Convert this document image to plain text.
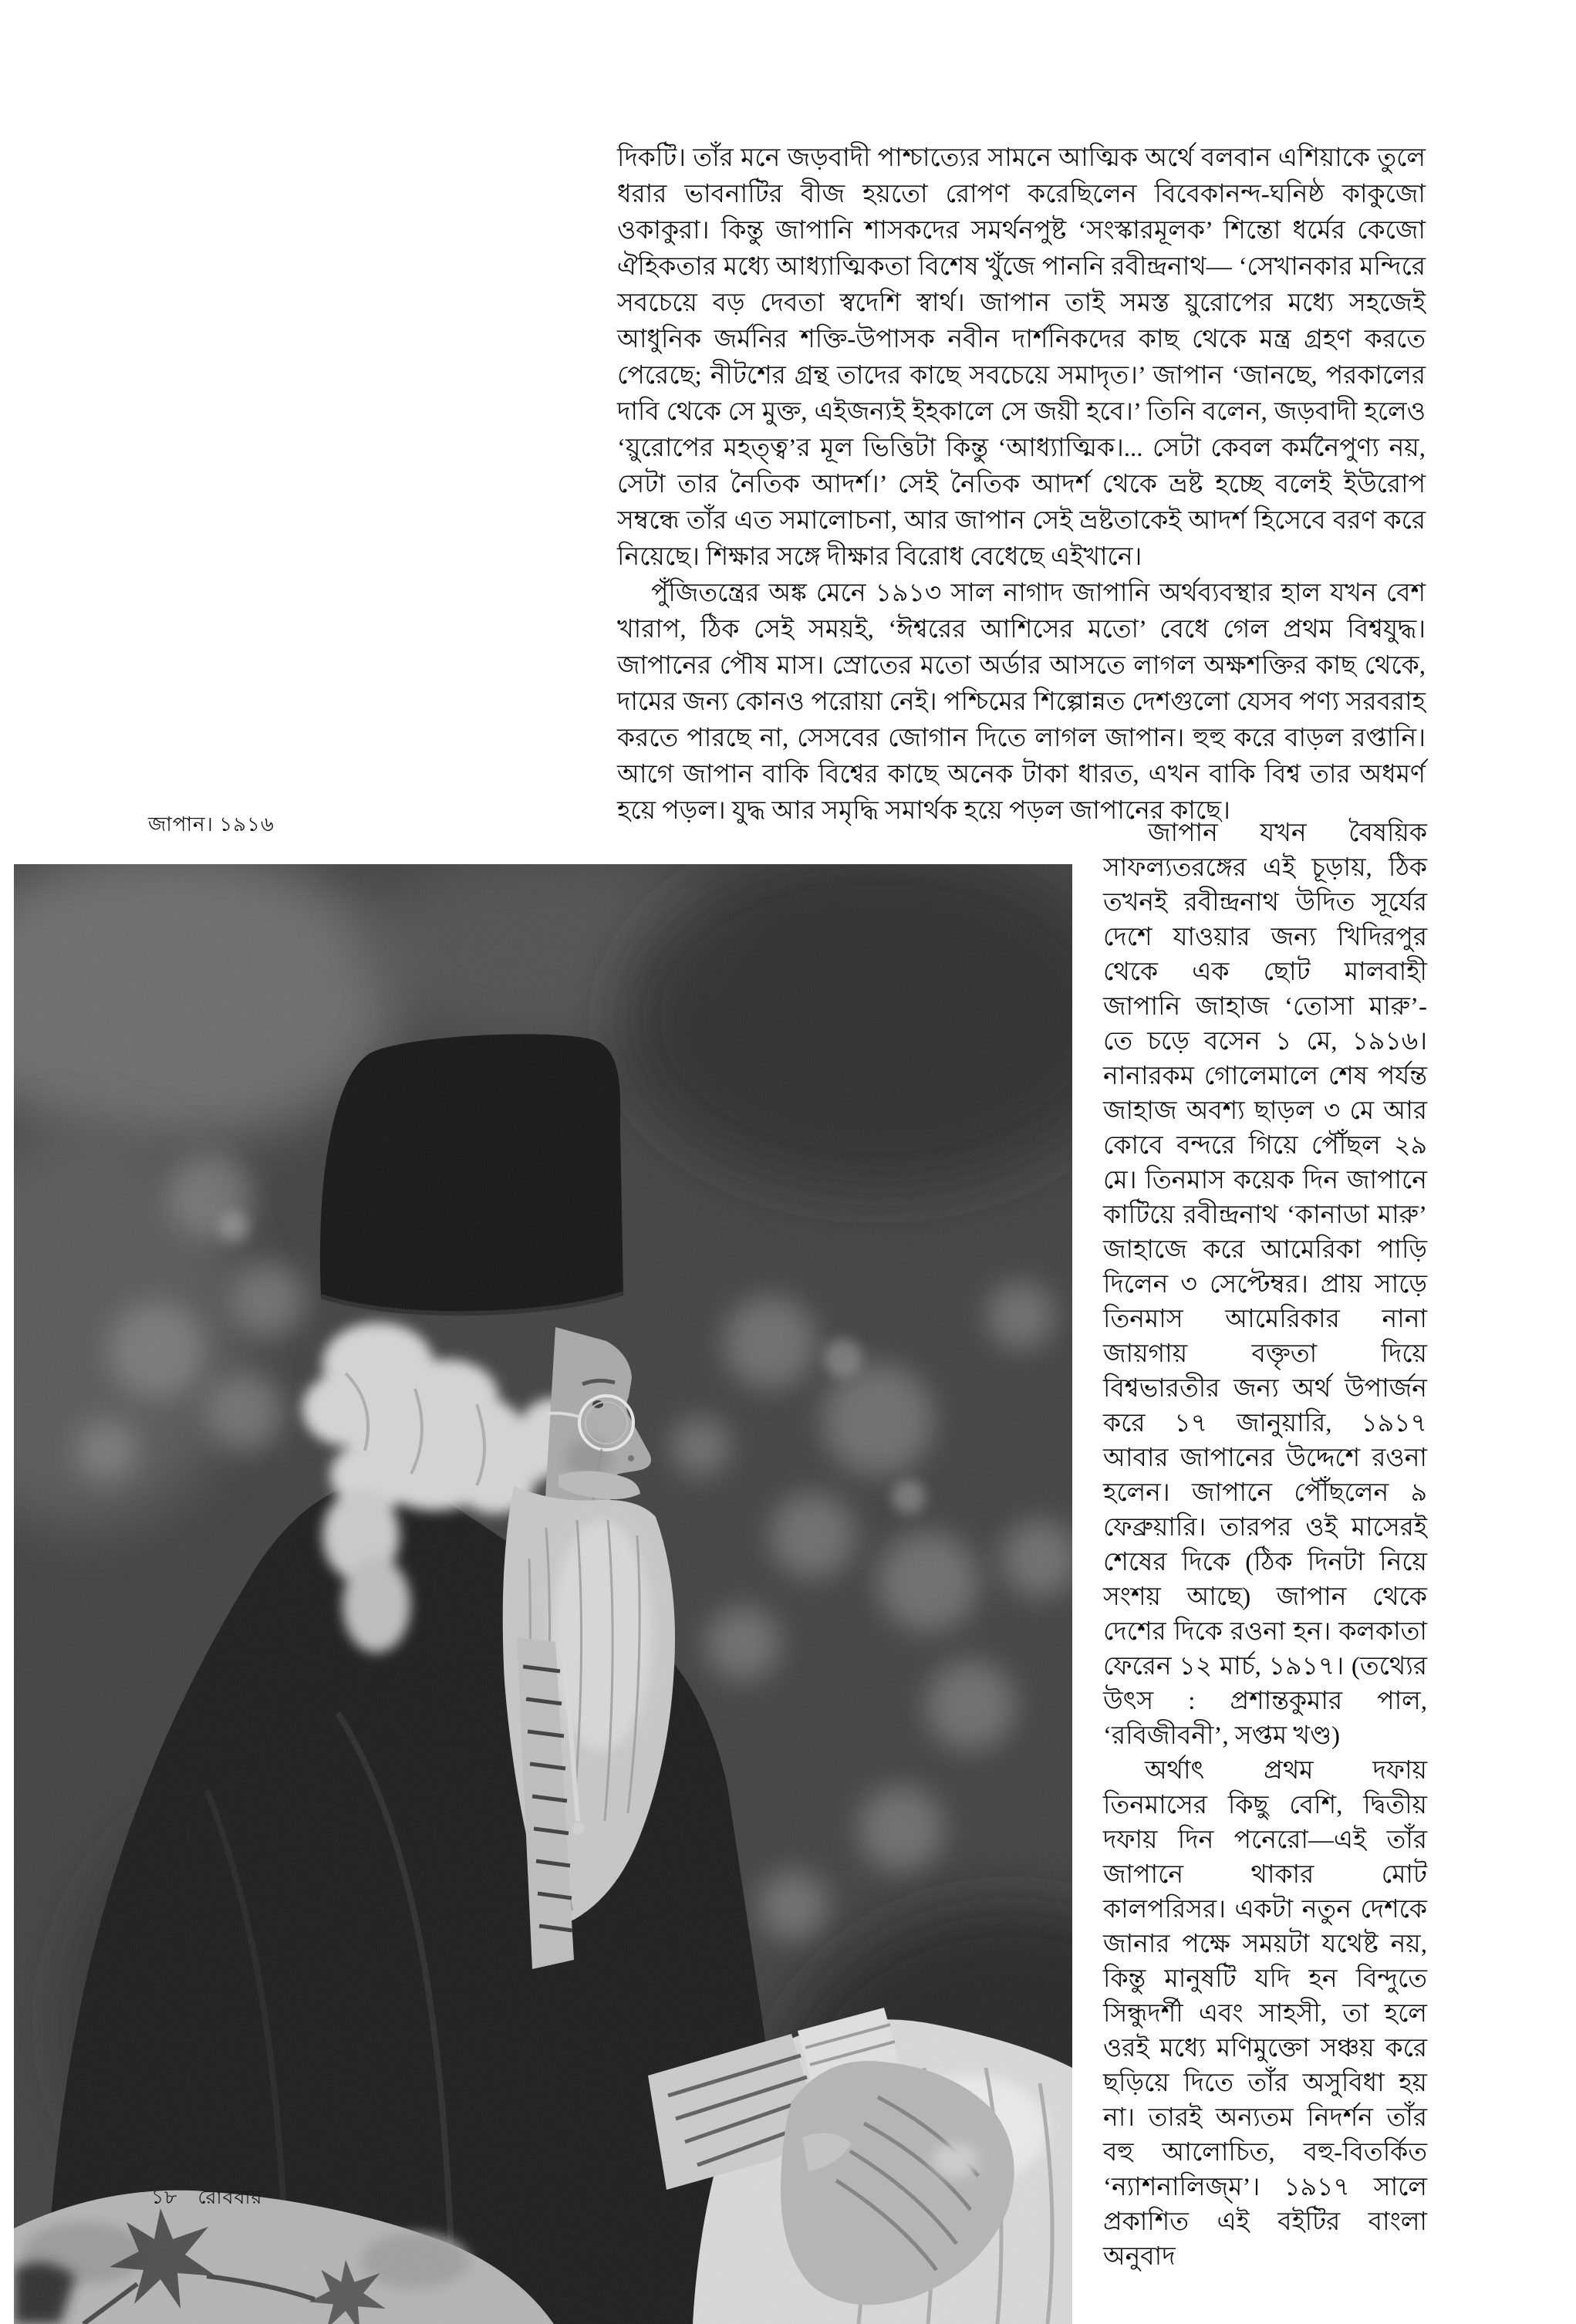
দিকটি। তাঁর মনে জড়বাদী পাশ্চাত্যের সামনে আত্মিক অর্থে বলবান এশিয়াকে তুলে ধরার ভাবনাটির বীজ হয়তো রোপণ করেছিলেন বিবেকানন্দ-ঘনিষ্ঠ কাকুজো ওকাকুরা। কিন্তু জাপানি শাসকদের সমর্থনপুষ্ট ‘সংস্কারমূলক’ শিন্তো ধর্মের কেজো ঐহিকতার মধ্যে আধ্যাত্মিকতা বিশেষ খুঁজে পাননি রবীন্দ্রনাথ— ‘সেখানকার মন্দিরে সবচেয়ে বড় দেবতা স্বদেশি স্বার্থ। জাপান তাই সমস্ত য়ুরোপের মধ্যে সহজেই আধুনিক জর্মনির শক্তি-উপাসক নবীন দার্শনিকদের কাছ থেকে মন্ত্র গ্রহণ করতে পেরেছে; নীটশের গ্রন্থ তাদের কাছে সবচেয়ে সমাদৃত।’ জাপান ‘জানছে, পরকালের দাবি থেকে সে মুক্ত, এইজন্যই ইহকালে সে জয়ী হবে।’ তিনি বলেন, জড়বাদী হলেও ‘য়ুরোপের মহত্ত্ব’র মূল ভিত্তিটা কিন্তু ‘আধ্যাত্মিক।... সেটা কেবল কর্মনৈপুণ্য নয়, সেটা তার নৈতিক আদর্শ।’ সেই নৈতিক আদর্শ থেকে ভ্রষ্ট হচ্ছে বলেই ইউরোপ সম্বন্ধে তাঁর এত সমালোচনা, আর জাপান সেই ভ্রষ্টতাকেই আদর্শ হিসেবে বরণ করে নিয়েছে। শিক্ষার সঙ্গে দীক্ষার বিরোধ বেধেছে এইখানে।

পুঁজিতন্ত্রের অঙ্ক মেনে ১৯১৩ সাল নাগাদ জাপানি অর্থব্যবস্থার হাল যখন বেশ খারাপ, ঠিক সেই সময়ই, ‘ঈশ্বরের আশিসের মতো’ বেধে গেল প্রথম বিশ্বযুদ্ধ। জাপানের পৌষ মাস। স্রোতের মতো অর্ডার আসতে লাগল অক্ষশক্তির কাছ থেকে, দামের জন্য কোনও পরোয়া নেই। পশ্চিমের শিল্পোন্নত দেশগুলো যেসব পণ্য সরবরাহ করতে পারছে না, সেসবের জোগান দিতে লাগল জাপান। হুহু করে বাড়ল রপ্তানি। আগে জাপান বাকি বিশ্বের কাছে অনেক টাকা ধারত, এখন বাকি বিশ্ব তার অধমর্ণ হয়ে পড়ল। যুদ্ধ আর সমৃদ্ধি সমার্থক হয়ে পড়ল জাপানের কাছে।

জাপান। ১৯১৬	জাপান যখন বৈষয়িক সাফল্যতরঙ্গের এই চূড়ায়, ঠিক তখনই রবীন্দ্রনাথ উদিত সূর্যের দেশে যাওয়ার জন্য খিদিরপুর থেকে এক ছোট মালবাহী জাপানি জাহাজ ‘তোসা মারু’-তে চড়ে বসেন ১ মে, ১৯১৬। নানারকম গোলেমালে শেষ পর্যন্ত জাহাজ অবশ্য ছাড়ল ৩ মে আর কোবে বন্দরে গিয়ে পৌঁছল ২৯ মে। তিনমাস কয়েক দিন জাপানে কাটিয়ে রবীন্দ্রনাথ ‘কানাডা মারু’ জাহাজে করে আমেরিকা পাড়ি দিলেন ৩ সেপ্টেম্বর। প্রায় সাড়ে তিনমাস আমেরিকার নানা জায়গায় বক্তৃতা দিয়ে বিশ্বভারতীর জন্য অর্থ উপার্জন করে ১৭ জানুয়ারি, ১৯১৭ আবার জাপানের উদ্দেশে রওনা হলেন। জাপানে পৌঁছলেন ৯ ফেব্রুয়ারি। তারপর ওই মাসেরই শেষের দিকে (ঠিক দিনটা নিয়ে সংশয় আছে) জাপান থেকে দেশের দিকে রওনা হন। কলকাতা ফেরেন ১২ মার্চ, ১৯১৭। (তথ্যের উৎস : প্রশান্তকুমার পাল, ‘রবিজীবনী’, সপ্তম খণ্ড)

অর্থাৎ প্রথম দফায় তিনমাসের কিছু বেশি, দ্বিতীয় দফায় দিন পনেরো—এই তাঁর জাপানে থাকার মোট কালপরিসর। একটা নতুন দেশকে জানার পক্ষে সময়টা যথেষ্ট নয়, কিন্তু মানুষটি যদি হন বিন্দুতে সিন্ধুদর্শী এবং সাহসী, তা হলে ওরই মধ্যে মণিমুক্তো সঞ্চয় করে ছড়িয়ে দিতে তাঁর অসুবিধা হয় না। তারই অন্যতম নিদর্শন তাঁর বহু আলোচিত, বহু-বিতর্কিত ‘ন্যাশনালিজ্‌ম’। ১৯১৭ সালে প্রকাশিত এই বইটির বাংলা অনুবাদ

১৮ রোববার
